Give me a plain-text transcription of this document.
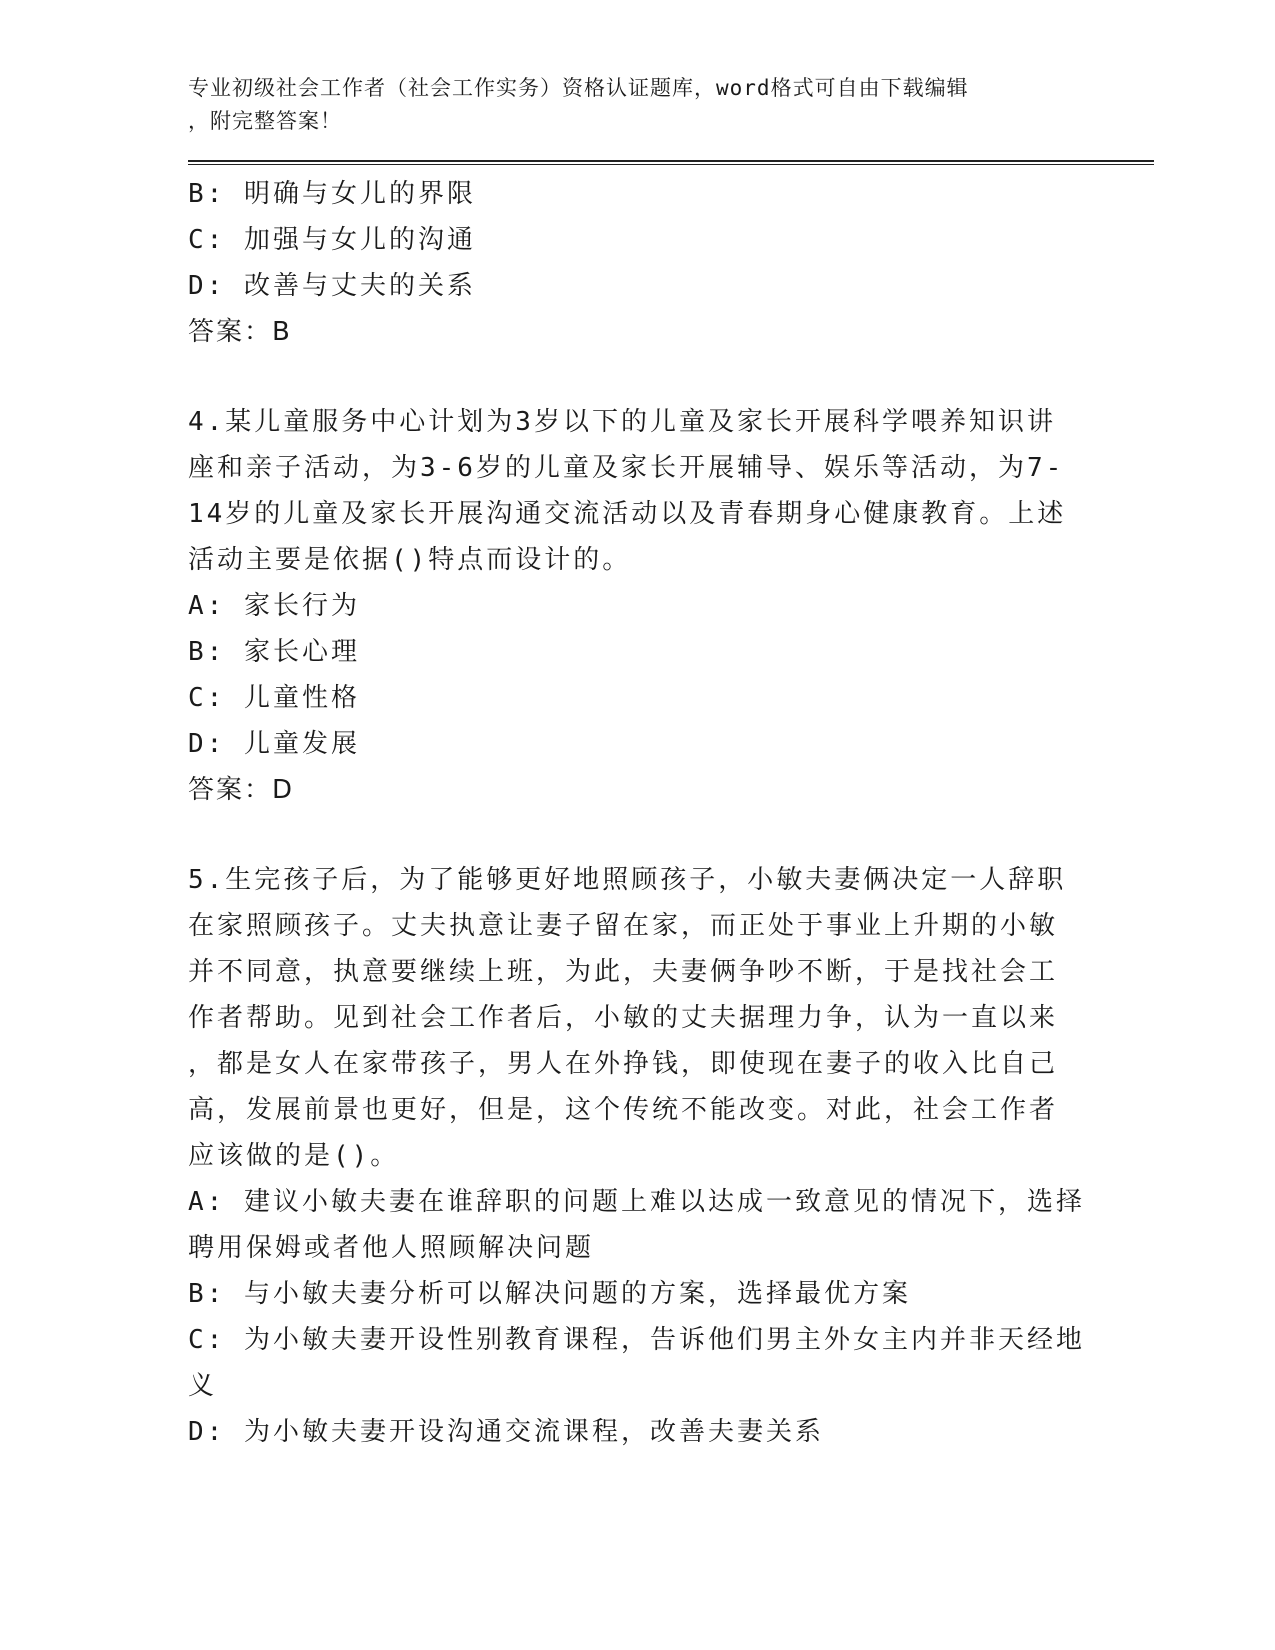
专业初级社会工作者（社会工作实务）资格认证题库，word格式可自由下载编辑
，附完整答案！
B: 明确与女儿的界限
C: 加强与女儿的沟通
D: 改善与丈夫的关系
答案：B
4.某儿童服务中心计划为3岁以下的儿童及家长开展科学喂养知识讲
座和亲子活动，为3-6岁的儿童及家长开展辅导、娱乐等活动，为7-
14岁的儿童及家长开展沟通交流活动以及青春期身心健康教育。上述
活动主要是依据()特点而设计的。
A: 家长行为
B: 家长心理
C: 儿童性格
D: 儿童发展
答案：D
5.生完孩子后，为了能够更好地照顾孩子，小敏夫妻俩决定一人辞职
在家照顾孩子。丈夫执意让妻子留在家，而正处于事业上升期的小敏
并不同意，执意要继续上班，为此，夫妻俩争吵不断，于是找社会工
作者帮助。见到社会工作者后，小敏的丈夫据理力争，认为一直以来
，都是女人在家带孩子，男人在外挣钱，即使现在妻子的收入比自己
高，发展前景也更好，但是，这个传统不能改变。对此，社会工作者
应该做的是()。
A: 建议小敏夫妻在谁辞职的问题上难以达成一致意见的情况下，选择
聘用保姆或者他人照顾解决问题
B: 与小敏夫妻分析可以解决问题的方案，选择最优方案
C: 为小敏夫妻开设性别教育课程，告诉他们男主外女主内并非天经地
义
D: 为小敏夫妻开设沟通交流课程，改善夫妻关系
